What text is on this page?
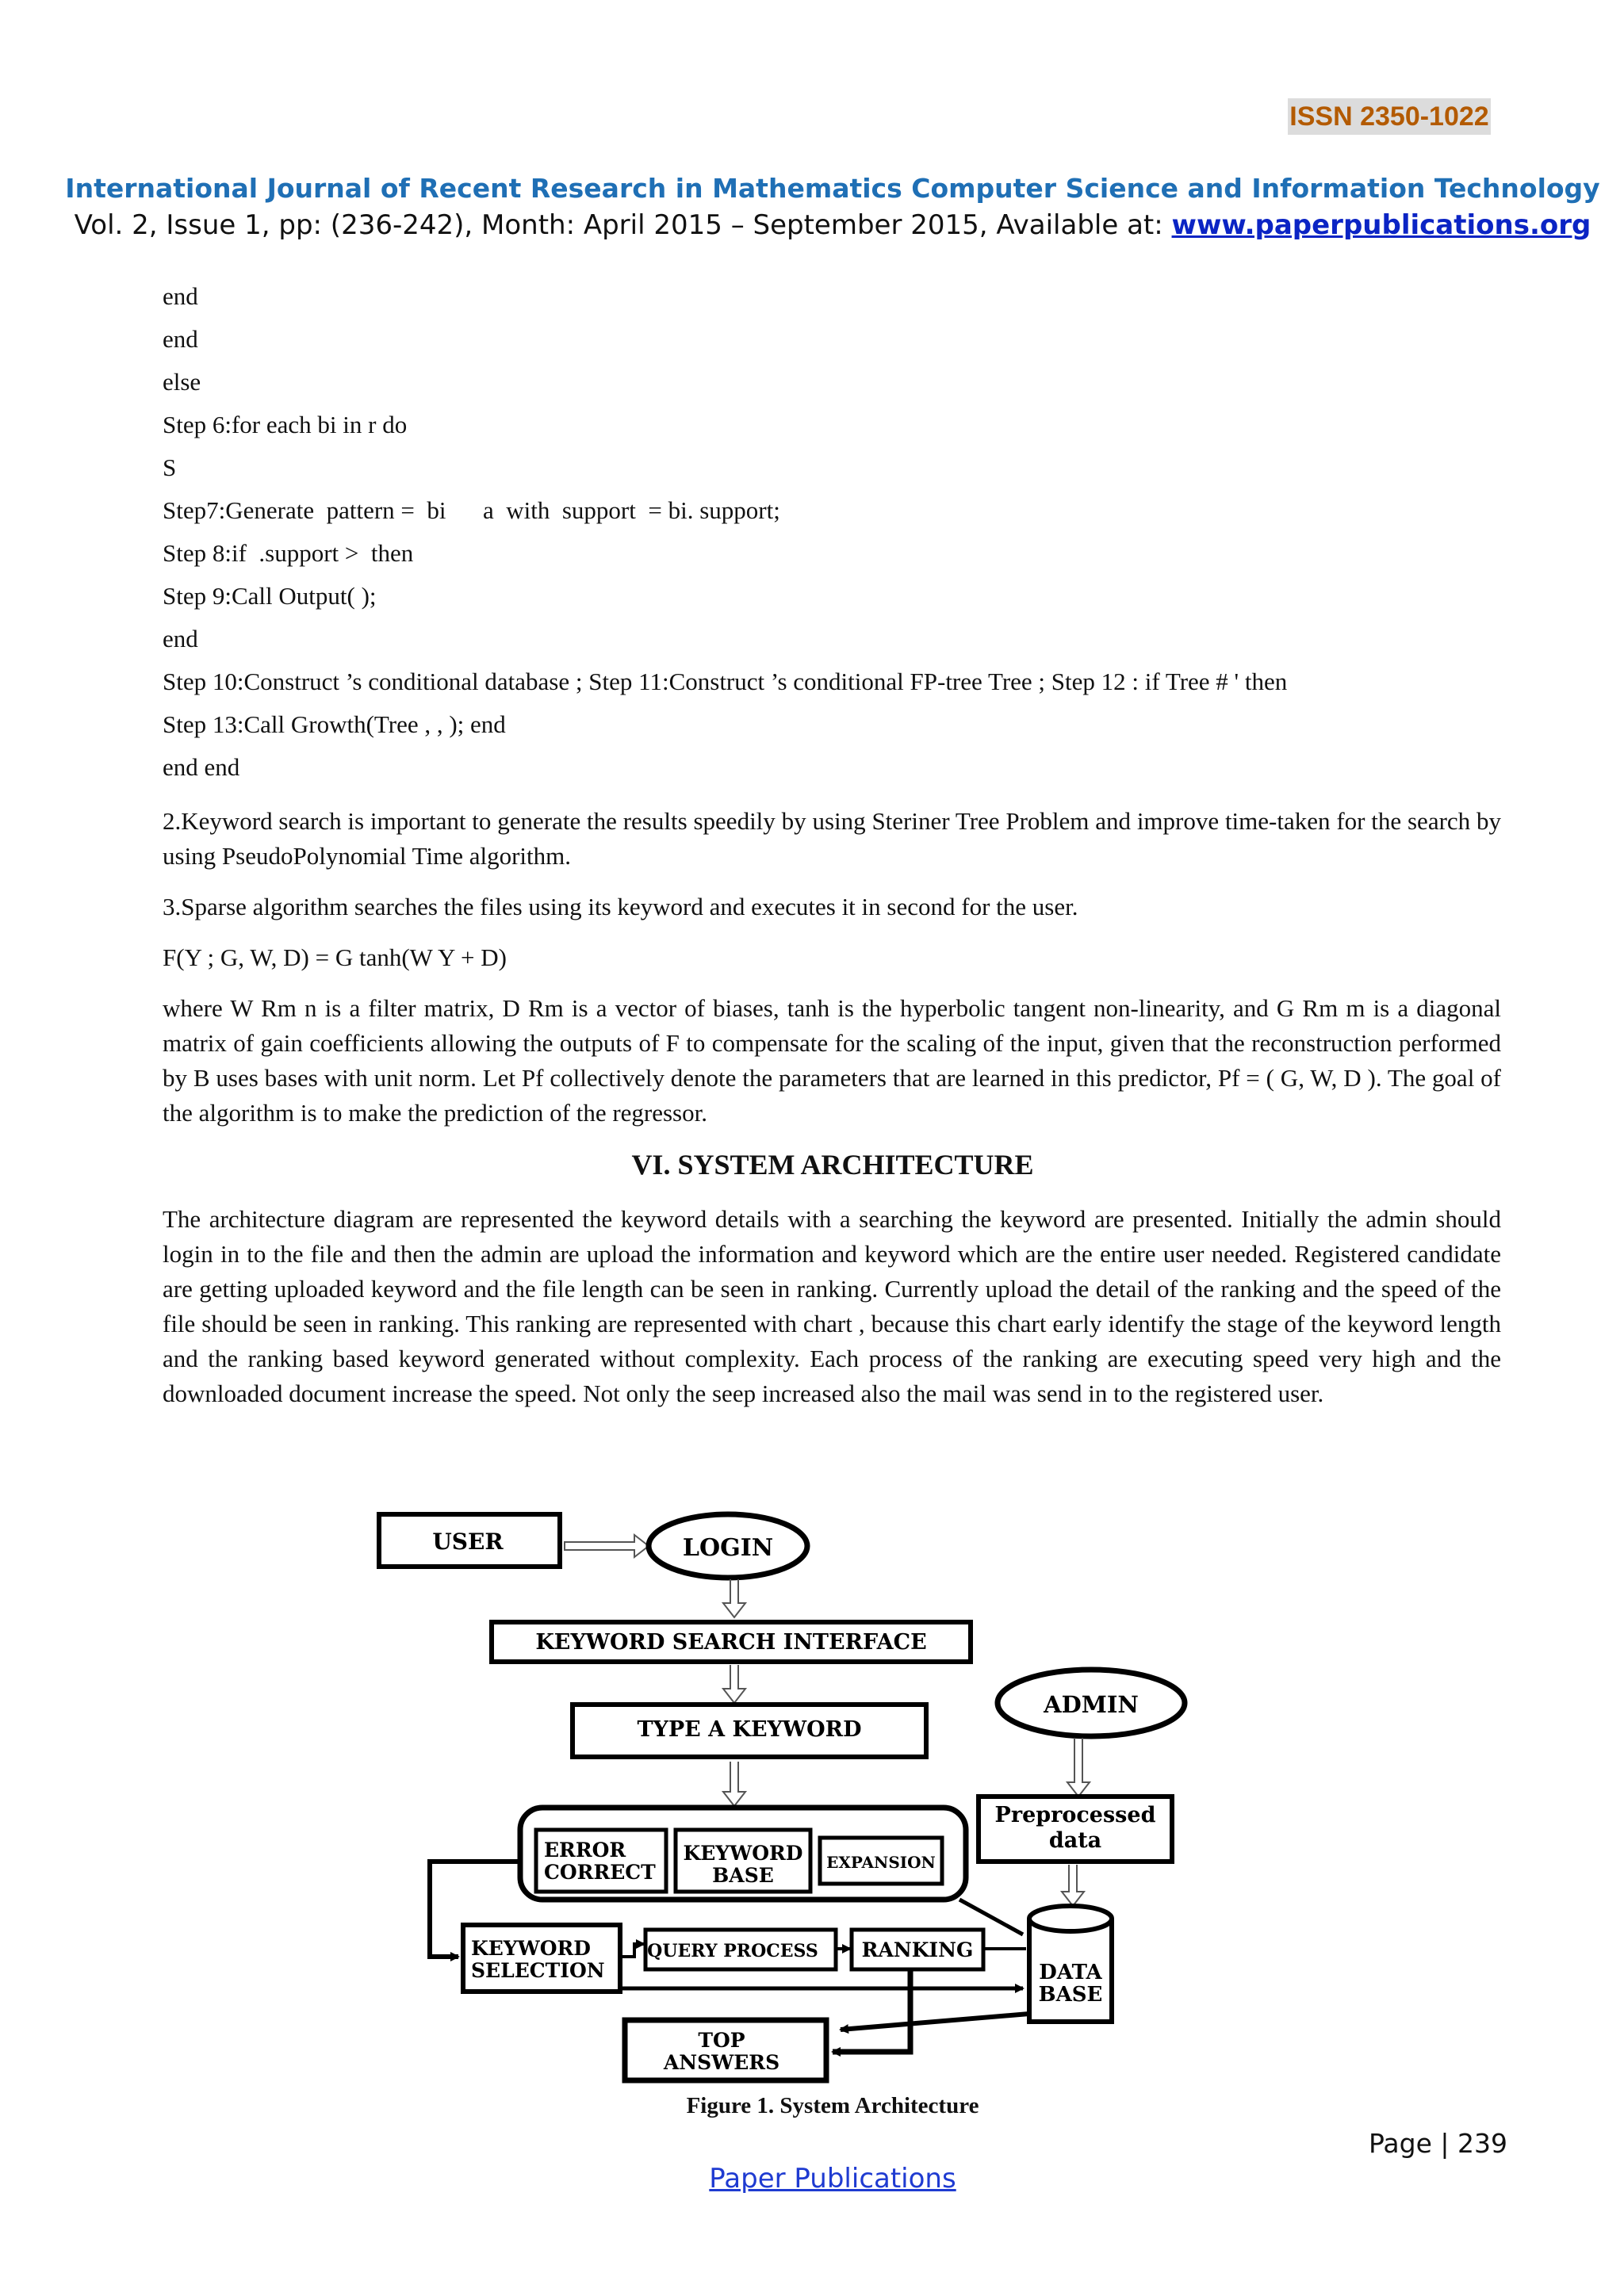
ISSN 2350-1022
International Journal of Recent Research in Mathematics Computer Science and Information Technology
Vol. 2, Issue 1, pp: (236-242), Month: April 2015 – September 2015, Available at: www.paperpublications.org
end
end
else
Step 6:for each bi in r do
S
Step7:Generate  pattern =  bi      a  with  support  = bi. support;
Step 8:if  .support >  then
Step 9:Call Output( );
end
Step 10:Construct ’s conditional database ; Step 11:Construct ’s conditional FP-tree Tree ; Step 12 : if Tree # ' then
Step 13:Call Growth(Tree , , ); end
end end
2.Keyword search is important to generate the results speedily by using Steriner Tree Problem and improve time-taken for the search by using PseudoPolynomial Time algorithm.
3.Sparse algorithm searches the files using its keyword and executes it in second for the user.
F(Y ; G, W, D) = G tanh(W Y + D)
where W Rm n is a filter matrix, D Rm is a vector of biases, tanh is the hyperbolic tangent non-linearity, and G Rm m is a diagonal matrix of gain coefficients allowing the outputs of F to compensate for the scaling of the input, given that the reconstruction performed by B uses bases with unit norm. Let Pf collectively denote the parameters that are learned in this predictor, Pf = ( G, W, D ). The goal of the algorithm is to make the prediction of the regressor.
VI. SYSTEM ARCHITECTURE
The architecture diagram are represented the keyword details with a searching the keyword are presented. Initially the admin should login in to the file and then the admin are upload the information and keyword which are the entire user needed. Registered candidate are getting uploaded keyword and the file length can be seen in ranking. Currently upload the detail of the ranking and the speed of the file should be seen in ranking. This ranking are represented with chart , because this chart early identify the stage of the keyword length and the ranking based keyword generated without complexity. Each process of the ranking are executing speed very high and the downloaded document increase the speed. Not only the seep increased also the mail was send in to the registered user.
USER	LOGIN
KEYWORD SEARCH INTERFACE
TYPE A KEYWORD
ADMIN
Preprocessed
data
ERROR
CORRECT
KEYWORD
BASE
EXPANSION
KEYWORD
SELECTION
QUERY PROCESS RANKING
DATA
BASE
TOP
ANSWERS
Figure 1. System Architecture
Page | 239
Paper Publications
